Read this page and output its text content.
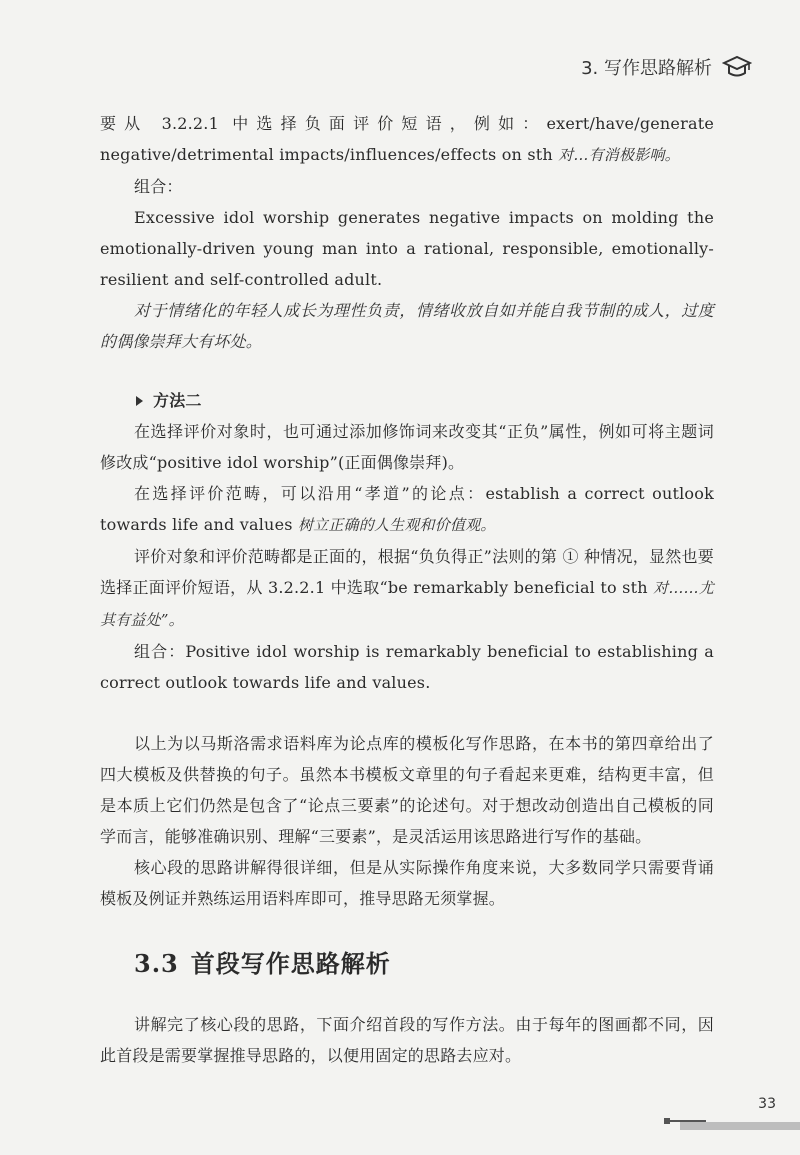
3. 写作思路解析

要从 3.2.2.1 中选择负面评价短语，例如：exert/have/generate negative/detrimental impacts/influences/effects on sth 对…有消极影响。

组合：

Excessive idol worship generates negative impacts on molding the emotionally-driven young man into a rational, responsible, emotionally-resilient and self-controlled adult.

对于情绪化的年轻人成长为理性负责，情绪收放自如并能自我节制的成人，过度的偶像崇拜大有坏处。

方法二

在选择评价对象时，也可通过添加修饰词来改变其“正负”属性，例如可将主题词修改成“positive idol worship”(正面偶像崇拜)。

在选择评价范畴，可以沿用“孝道”的论点：establish a correct outlook towards life and values 树立正确的人生观和价值观。

评价对象和评价范畴都是正面的，根据“负负得正”法则的第 ① 种情况，显然也要选择正面评价短语，从 3.2.2.1 中选取“be remarkably beneficial to sth 对……尤其有益处”。

组合：Positive idol worship is remarkably beneficial to establishing a correct outlook towards life and values.

以上为以马斯洛需求语料库为论点库的模板化写作思路，在本书的第四章给出了四大模板及供替换的句子。虽然本书模板文章里的句子看起来更难，结构更丰富，但是本质上它们仍然是包含了“论点三要素”的论述句。对于想改动创造出自己模板的同学而言，能够准确识别、理解“三要素”，是灵活运用该思路进行写作的基础。

核心段的思路讲解得很详细，但是从实际操作角度来说，大多数同学只需要背诵模板及例证并熟练运用语料库即可，推导思路无须掌握。

3.3 首段写作思路解析

讲解完了核心段的思路，下面介绍首段的写作方法。由于每年的图画都不同，因此首段是需要掌握推导思路的，以便用固定的思路去应对。

33
